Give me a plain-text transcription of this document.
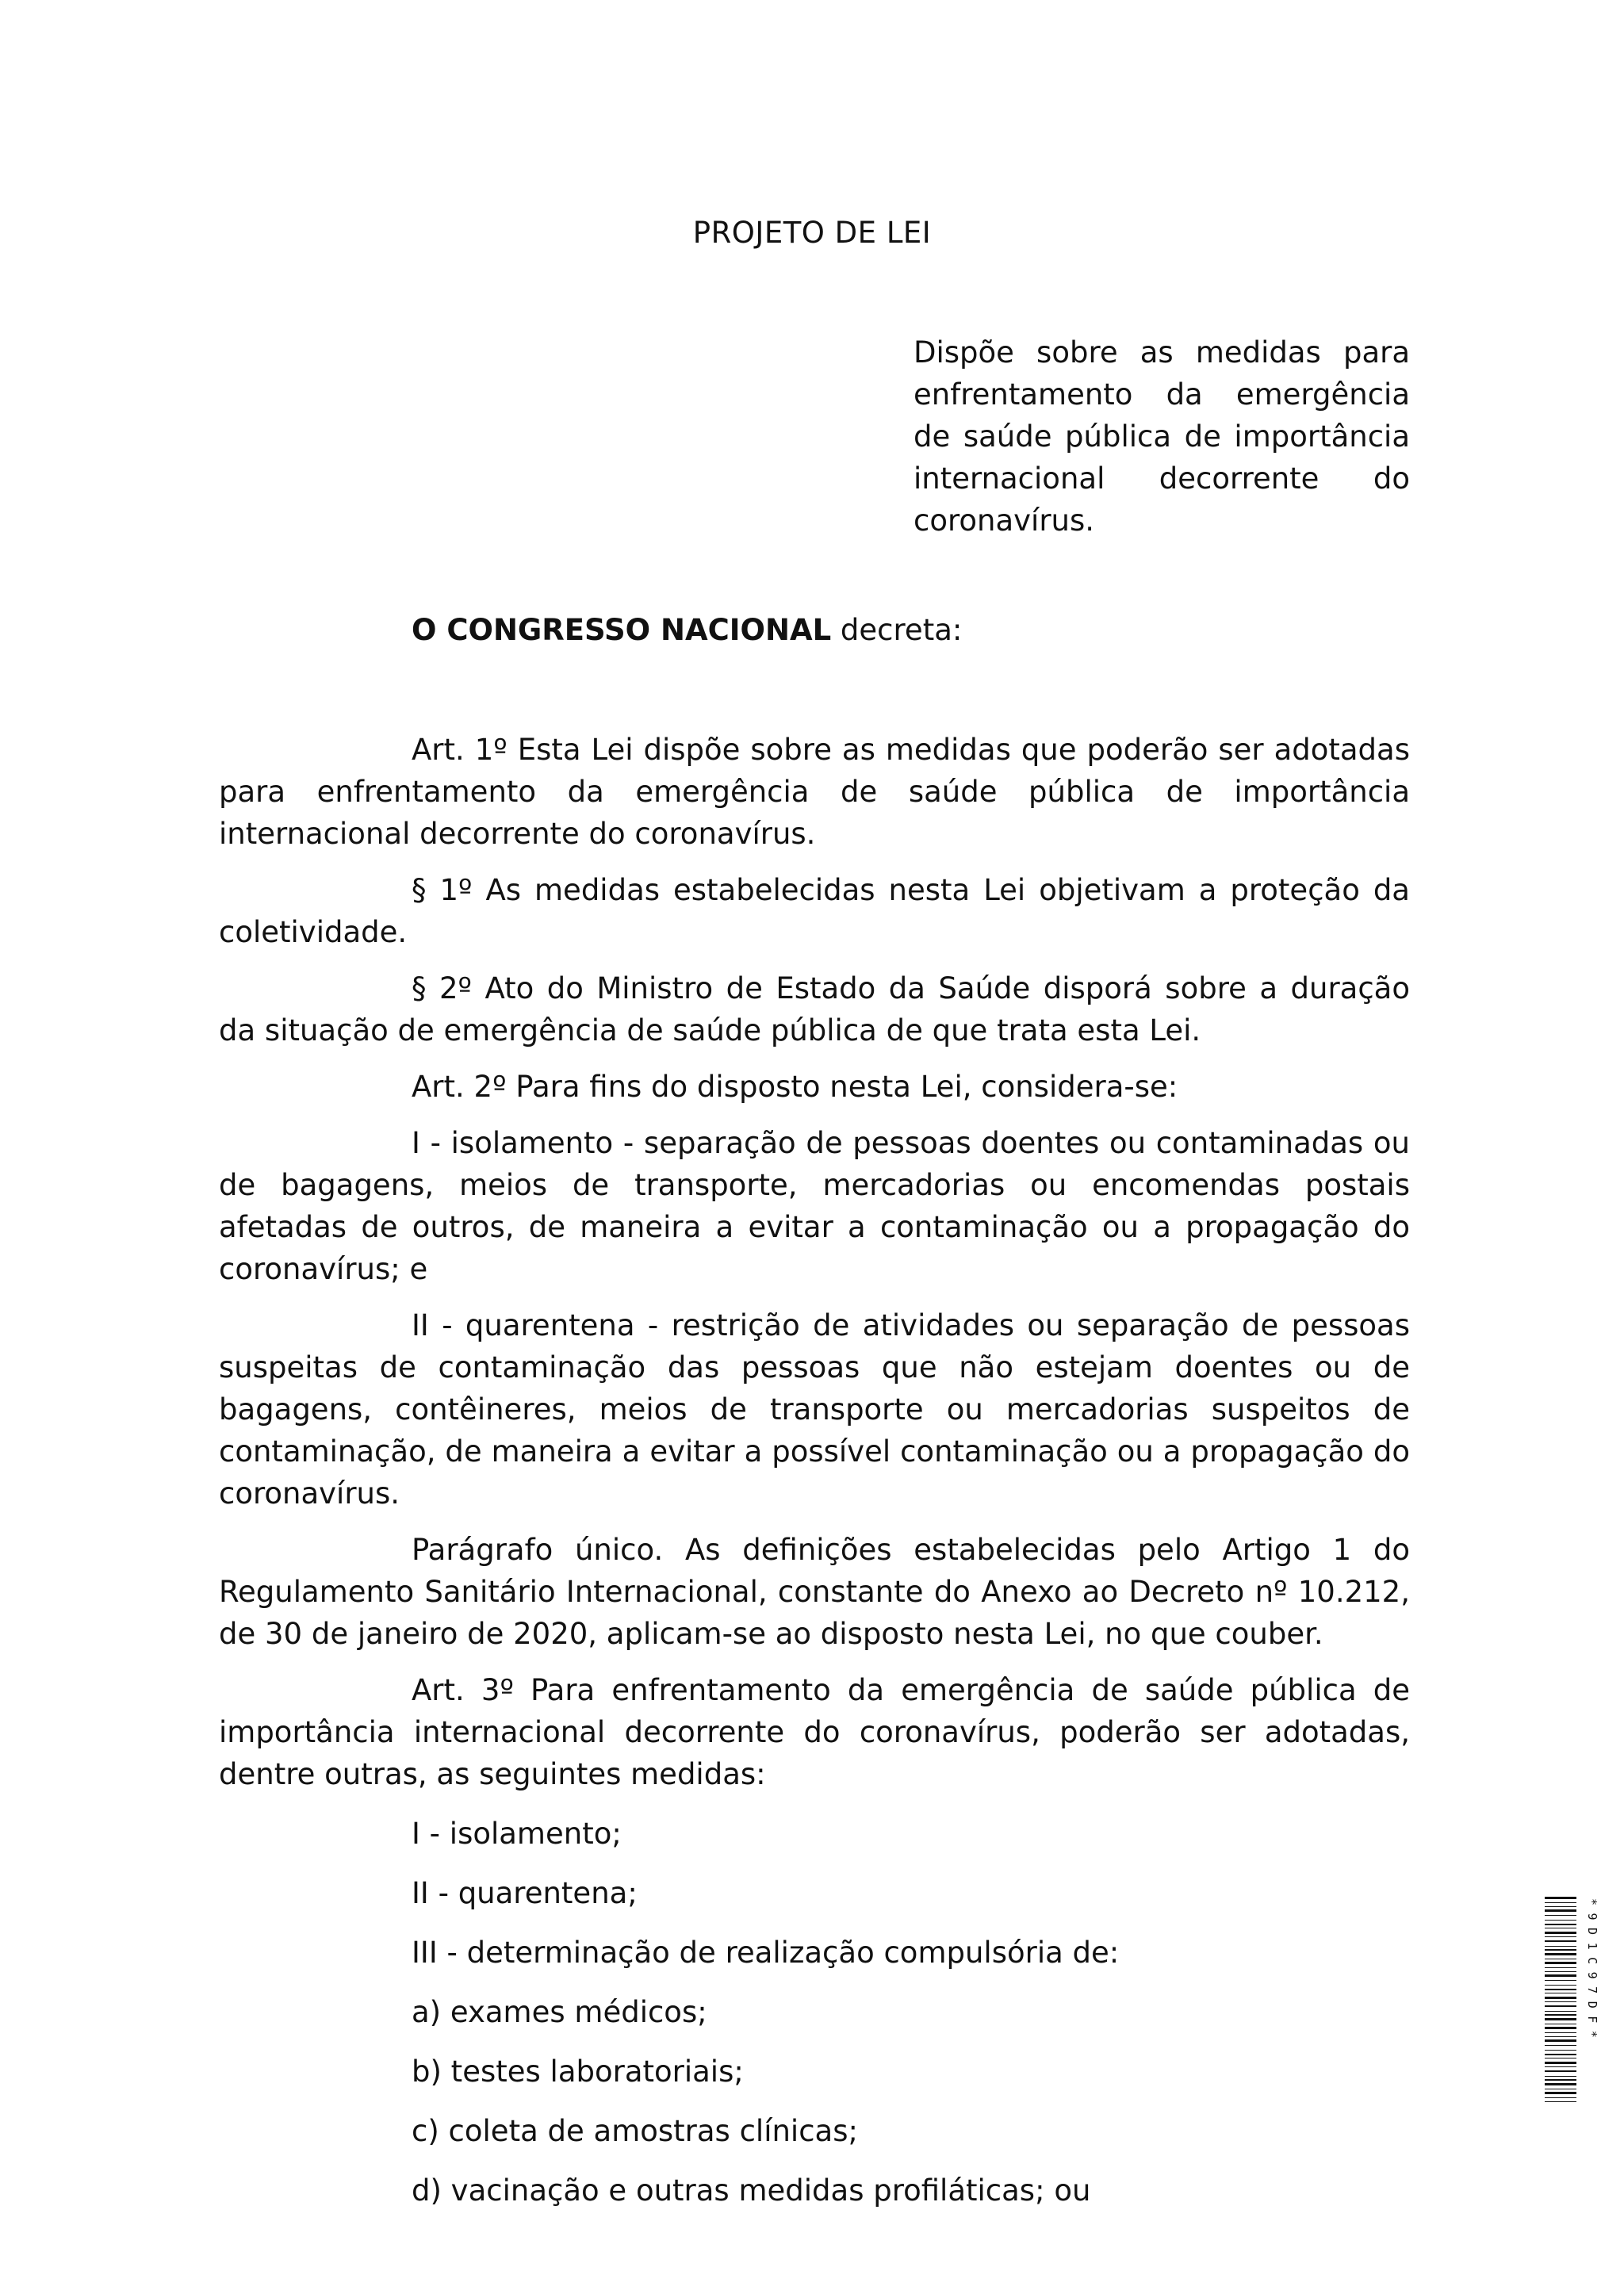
PROJETO DE LEI
Dispõe sobre as medidas para
enfrentamento da emergência
de saúde pública de importância
internacional decorrente do
coronavírus.

O CONGRESSO NACIONAL decreta:

Art. 1º Esta Lei dispõe sobre as medidas que poderão ser adotadas para enfrentamento da emergência de saúde pública de importância internacional decorrente do coronavírus.

§ 1º As medidas estabelecidas nesta Lei objetivam a proteção da coletividade.

§ 2º Ato do Ministro de Estado da Saúde disporá sobre a duração da situação de emergência de saúde pública de que trata esta Lei.

Art. 2º Para fins do disposto nesta Lei, considera-se:

I - isolamento - separação de pessoas doentes ou contaminadas ou de bagagens, meios de transporte, mercadorias ou encomendas postais afetadas de outros, de maneira a evitar a contaminação ou a propagação do coronavírus; e

II - quarentena - restrição de atividades ou separação de pessoas suspeitas de contaminação das pessoas que não estejam doentes ou de bagagens, contêineres, meios de transporte ou mercadorias suspeitos de contaminação, de maneira a evitar a possível contaminação ou a propagação do coronavírus.

Parágrafo único. As definições estabelecidas pelo Artigo 1 do Regulamento Sanitário Internacional, constante do Anexo ao Decreto nº 10.212, de 30 de janeiro de 2020, aplicam-se ao disposto nesta Lei, no que couber.

Art. 3º Para enfrentamento da emergência de saúde pública de importância internacional decorrente do coronavírus, poderão ser adotadas, dentre outras, as seguintes medidas:

I - isolamento;

II - quarentena;

III - determinação de realização compulsória de:

a) exames médicos;

b) testes laboratoriais;

c) coleta de amostras clínicas;

d) vacinação e outras medidas profiláticas; ou

*9D1C97DF*
